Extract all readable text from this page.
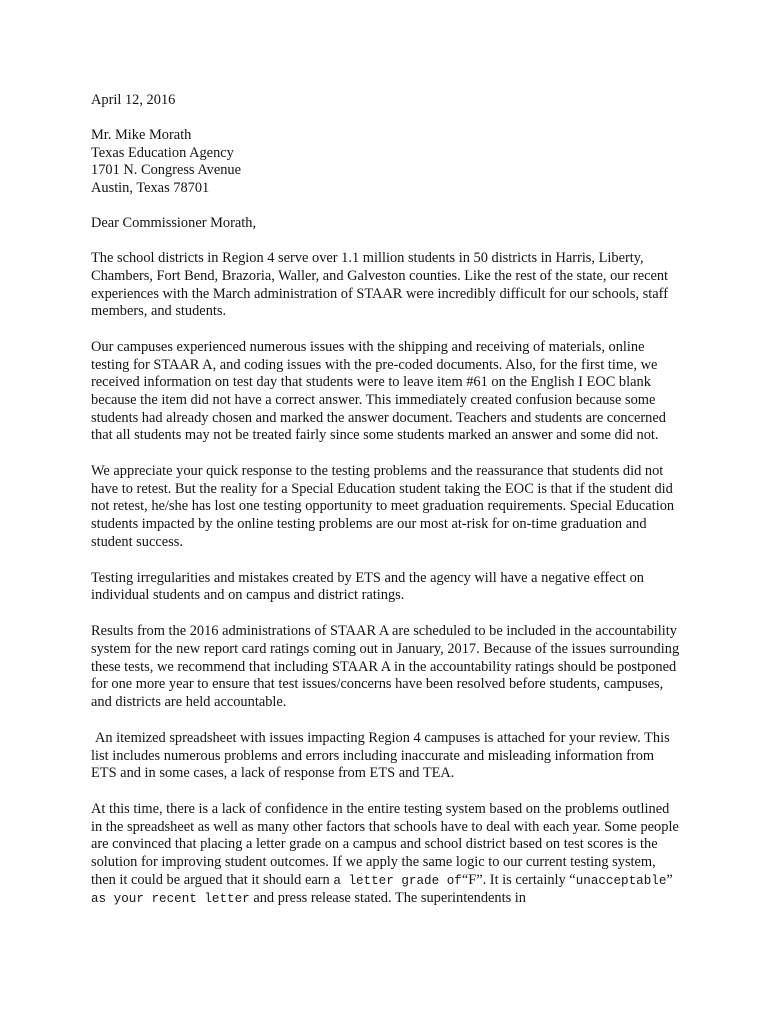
April 12, 2016

Mr. Mike Morath
Texas Education Agency
1701 N. Congress Avenue
Austin, Texas 78701

Dear Commissioner Morath,

The school districts in Region 4 serve over 1.1 million students in 50 districts in Harris, Liberty, Chambers, Fort Bend, Brazoria, Waller, and Galveston counties. Like the rest of the state, our recent experiences with the March administration of STAAR were incredibly difficult for our schools, staff members, and students.

Our campuses experienced numerous issues with the shipping and receiving of materials, online testing for STAAR A, and coding issues with the pre-coded documents. Also, for the first time, we received information on test day that students were to leave item #61 on the English I EOC blank because the item did not have a correct answer. This immediately created confusion because some students had already chosen and marked the answer document. Teachers and students are concerned that all students may not be treated fairly since some students marked an answer and some did not.

We appreciate your quick response to the testing problems and the reassurance that students did not have to retest. But the reality for a Special Education student taking the EOC is that if the student did not retest, he/she has lost one testing opportunity to meet graduation requirements. Special Education students impacted by the online testing problems are our most at-risk for on-time graduation and student success.

Testing irregularities and mistakes created by ETS and the agency will have a negative effect on individual students and on campus and district ratings.

Results from the 2016 administrations of STAAR A are scheduled to be included in the accountability system for the new report card ratings coming out in January, 2017. Because of the issues surrounding these tests, we recommend that including STAAR A in the accountability ratings should be postponed for one more year to ensure that test issues/concerns have been resolved before students, campuses, and districts are held accountable.

An itemized spreadsheet with issues impacting Region 4 campuses is attached for your review. This list includes numerous problems and errors including inaccurate and misleading information from ETS and in some cases, a lack of response from ETS and TEA.

At this time, there is a lack of confidence in the entire testing system based on the problems outlined in the spreadsheet as well as many other factors that schools have to deal with each year. Some people are convinced that placing a letter grade on a campus and school district based on test scores is the solution for improving student outcomes. If we apply the same logic to our current testing system, then it could be argued that it should earn a letter grade of“F”. It is certainly “unacceptable” as your recent letter and press release stated. The superintendents in
